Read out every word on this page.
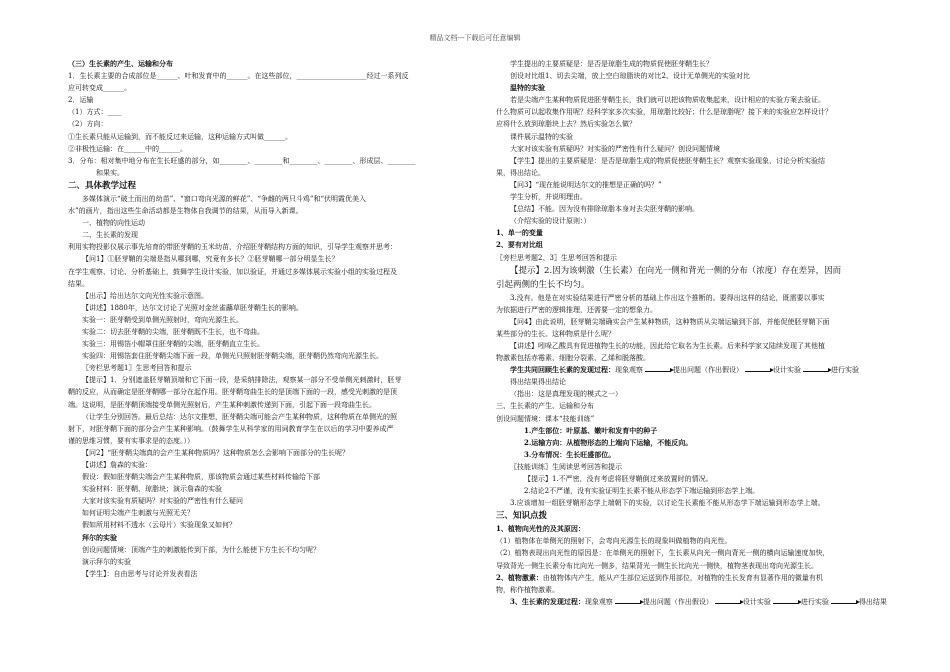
精品文档---下载后可任意编辑
（三）生长素的产生、运输和分布
1．生长素主要的合成部位是______、叶和发育中的______。在这些部位，____________________经过一系列反
应可转变成______。
2．运输
（1）方式：____
（2）方向：
①生长素只能从运输到，而不能反过来运输，这种运输方式叫做______。
②非极性运输：在______中的______。
3．分布：相对集中地分布在生长旺盛的部分，如________、________和________、________、形成层、________
和果实。
二、具体教学过程
多媒体演示“破土而出的幼苗”、“窗口弯向光源的鲜花”、“争雌的两只斗鸡”和“伏明霞优美入
水”的画片，指出这些生命活动都是生物体自我调节的结果，从而导入新课。
一、植物的向性运动
二、生长素的发现
利用实物投影仪展示事先培育的带胚芽鞘的玉米幼苗，介绍胚芽鞘结构方面的知识，引导学生观察并思考：
【问1】①胚芽鞘的尖端是指从哪到哪，究竟有多长？②胚芽鞘哪一部分明显生长？
在学生观察、讨论、分析基础上，鼓舞学生设计实验，加以验证，并通过多媒体展示实验小组的实验过程及
结果。
【出示】给出达尔文向光性实验示意图。
【讲述】1880年，达尔文讨论了光照对金丝雀虉草胚芽鞘生长的影响。
实验一：胚芽鞘受到单侧光照射时，弯向光源生长。
实验二：切去胚芽鞘的尖端，胚芽鞘既不生长，也不弯曲。
实验三：用锡箔小帽罩住胚芽鞘的尖端，胚芽鞘直立生长。
实验四：用锡箔套住胚芽鞘尖端下面一段，单侧光只照射胚芽鞘尖端，胚芽鞘仍然弯向光源生长。
〖旁栏思考题1〗生思考回答和提示
【提示】1．分别遮盖胚芽鞘顶端和它下面一段，是采纳排除法，观察某一部分不受单侧光刺激时，胚芽
鞘的反应，从而确定是胚芽鞘哪一部分在起作用。胚芽鞘弯曲生长的是顶端下面的一段，感受光刺激的是顶
端。这说明，是胚芽鞘顶端接受单侧光照射后，产生某种刺激传递到下面，引起下面一段弯曲生长。
（让学生分别回答。最后总结：达尔文推想，胚芽鞘尖端可能会产生某种物质，这种物质在单侧光的照
射下，对胚芽鞘下面的部分会产生某种影响。（鼓舞学生从科学家的用词教育学生在以后的学习中要养成严
谨的思维习惯，要有实事求是的态度。））
【问2】“胚芽鞘尖端真的会产生某种物质吗？这种物质怎么会影响下面部分的生长呢？
【讲述】詹森的实验：
假设：假如胚芽鞘尖端会产生某种物质，那该物质会通过某些材料传输给下部
实验材料：胚芽鞘、琼脂块；演示詹森的实验
大家对该实验有质疑吗？对实验的严密性有什么疑问
如何证明尖端产生刺激与光照无关？
假如所用材料不透水（云母片）实验现象又如何？
拜尔的实验
创设问题情境：顶端产生的刺激能传到下部，为什么能使下方生长不均匀呢？
演示拜尔的实验
【学生】：自由思考与讨论并发表看法
学生提出的主要质疑是：是否是琼脂生成的物质促使胚芽鞘生长？
创设对比组1、切去尖端，放上空白琼脂块的对比2、设计无单侧光的实验对比
温特的实验
若是尖端产生某种物质促进胚芽鞘生长，我们就可以把该物质收集起来，设计相应的实验方案去验证。
什么物质可以起收集作用呢？经科学家多次实验，用琼脂比较好；什么是琼脂呢？接下来的实验应怎样设计？
应将什么放到琼脂块上去？然后实验怎么做？
课件展示温特的实验
大家对该实验有质疑吗？对实验的严密性有什么疑问？创设问题情境
【学生】提出的主要质疑是：是否是琼脂生成的物质促使胚芽鞘生长？观察实验现象、讨论分析实验结
果，得出结论。
【问3】“现在能说明达尔文的推想是正确的吗？”
学生分析，并说明理由。
【总结】不能。因为没有排除琼脂本身对去尖胚芽鞘的影响。
（介绍实验的设计原则：）
1、单一的变量
2、要有对比组
〖旁栏思考题2、3〗生思考回答和提示
【提示】2.因为该刺激（生长素）在向光一侧和背光一侧的分布（浓度）存在差异，因而
引起两侧的生长不均匀。
3.没有。他是在对实验结果进行严密分析的基础上作出这个推断的。要得出这样的结论，既需要以事实
为依据进行严密的逻辑推理，还需要一定的想象力。
【问4】由此说明，胚芽鞘尖端确实会产生某种物质，这种物质从尖端运输到下部，并能促使胚芽鞘下面
某些部分的生长。这种物质是什么呢？
【讲述】吲哚乙酸具有促进植物生长的功能，因此给它取名为生长素。后来科学家又陆续发现了其他植
物激素包括赤霉素、细胞分裂素、乙烯和脱落酸。
学生共同回顾生长素的发现过程：现象观察	提出问题（作出假设）	设计实验	进行实验
得出结果得出结论
（指出：这是真理发现的模式之一）
三、生长素的产生、运输和分布
创设问题情境：课本“技能训练”
1.产生部位：叶原基、嫩叶和发育中的种子
2.运输方向：从植物形态的上端向下运输，不能反向。
3.分布情况：生长旺盛部位。
〖技能训练〗生阅读思考回答和提示
【提示】1.不严密，没有考虑将胚芽鞘倒过来放置时的情况。
2.结论2不严谨，没有实验证明生长素不能从形态学下端运输到形态学上端。
3.应该增加一组胚芽鞘形态学上端朝下的实验，以讨论生长素能不能从形态学下端运输到形态学上端。
三、知识点拨
1、植物向光性的及其原因：
（1）植物体在单侧光的照射下，会弯向光源生长的现象叫做植物的向光性。
（2）植物表现出向光性的原因是：在单侧光的照射下，生长素从向光一侧向背光一侧的横向运输速度加快，
导致背光一侧生长素分布比向光一侧多，结果背光一侧生长比向光一侧快，植物茎表现出弯向光源生长。
2、植物激素：由植物体内产生，能从产生部位运送到作用部位，对植物的生长发育有显著作用的微量有机
物，称作植物激素。
3、生长素的发现过程：现象观察	提出问题（作出假设）	设计实验	进行实验	得出结果
